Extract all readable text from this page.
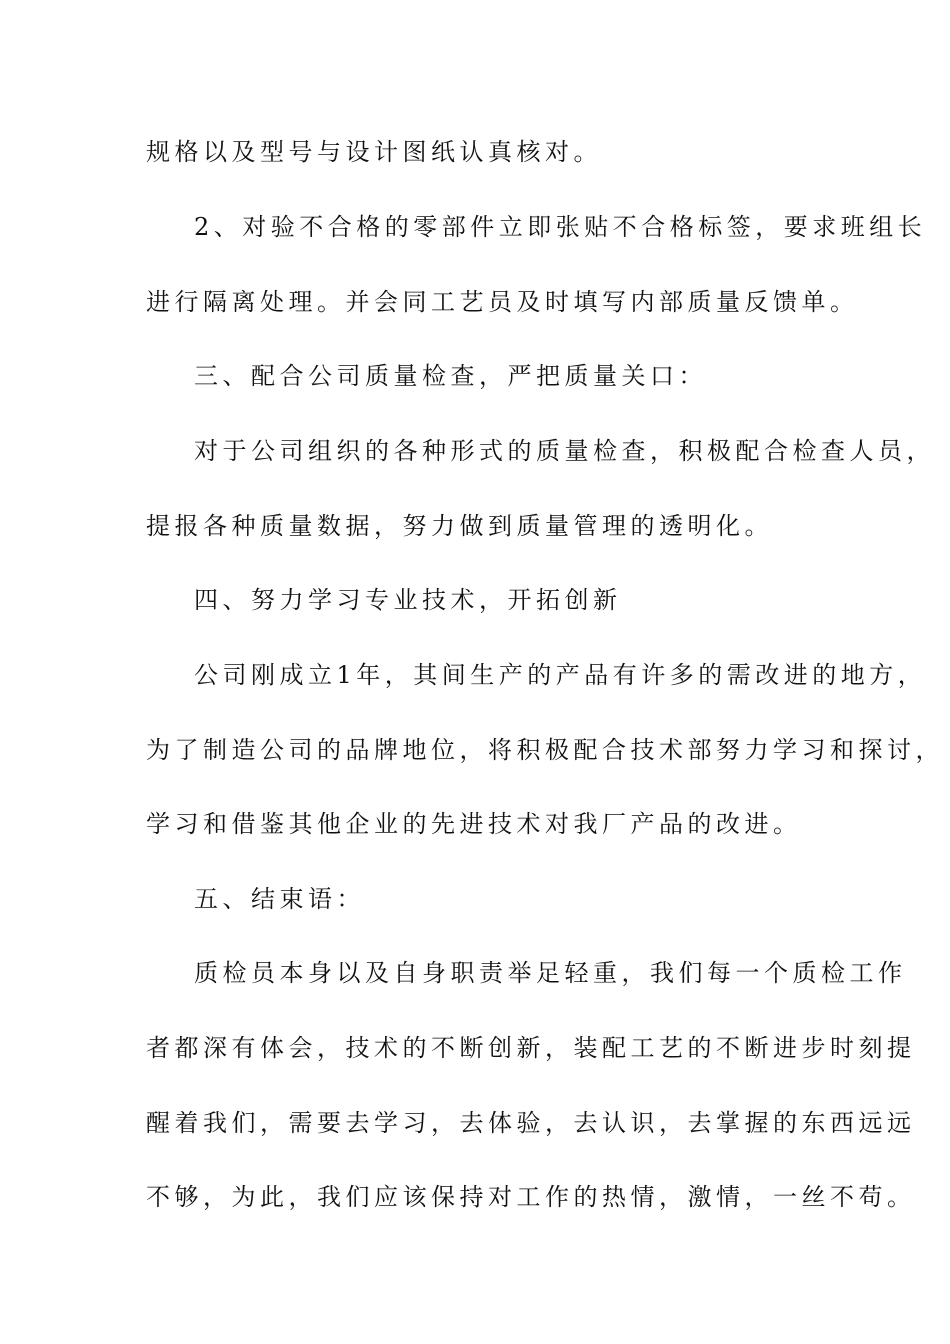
规格以及型号与设计图纸认真核对。
2、对验不合格的零部件立即张贴不合格标签，要求班组长
进行隔离处理。并会同工艺员及时填写内部质量反馈单。
三、配合公司质量检查，严把质量关口：
对于公司组织的各种形式的质量检查，积极配合检查人员，
提报各种质量数据，努力做到质量管理的透明化。
四、努力学习专业技术，开拓创新
公司刚成立1年，其间生产的产品有许多的需改进的地方，
为了制造公司的品牌地位，将积极配合技术部努力学习和探讨，
学习和借鉴其他企业的先进技术对我厂产品的改进。
五、结束语：
质检员本身以及自身职责举足轻重，我们每一个质检工作
者都深有体会，技术的不断创新，装配工艺的不断进步时刻提
醒着我们，需要去学习，去体验，去认识，去掌握的东西远远
不够，为此，我们应该保持对工作的热情，激情，一丝不苟。
